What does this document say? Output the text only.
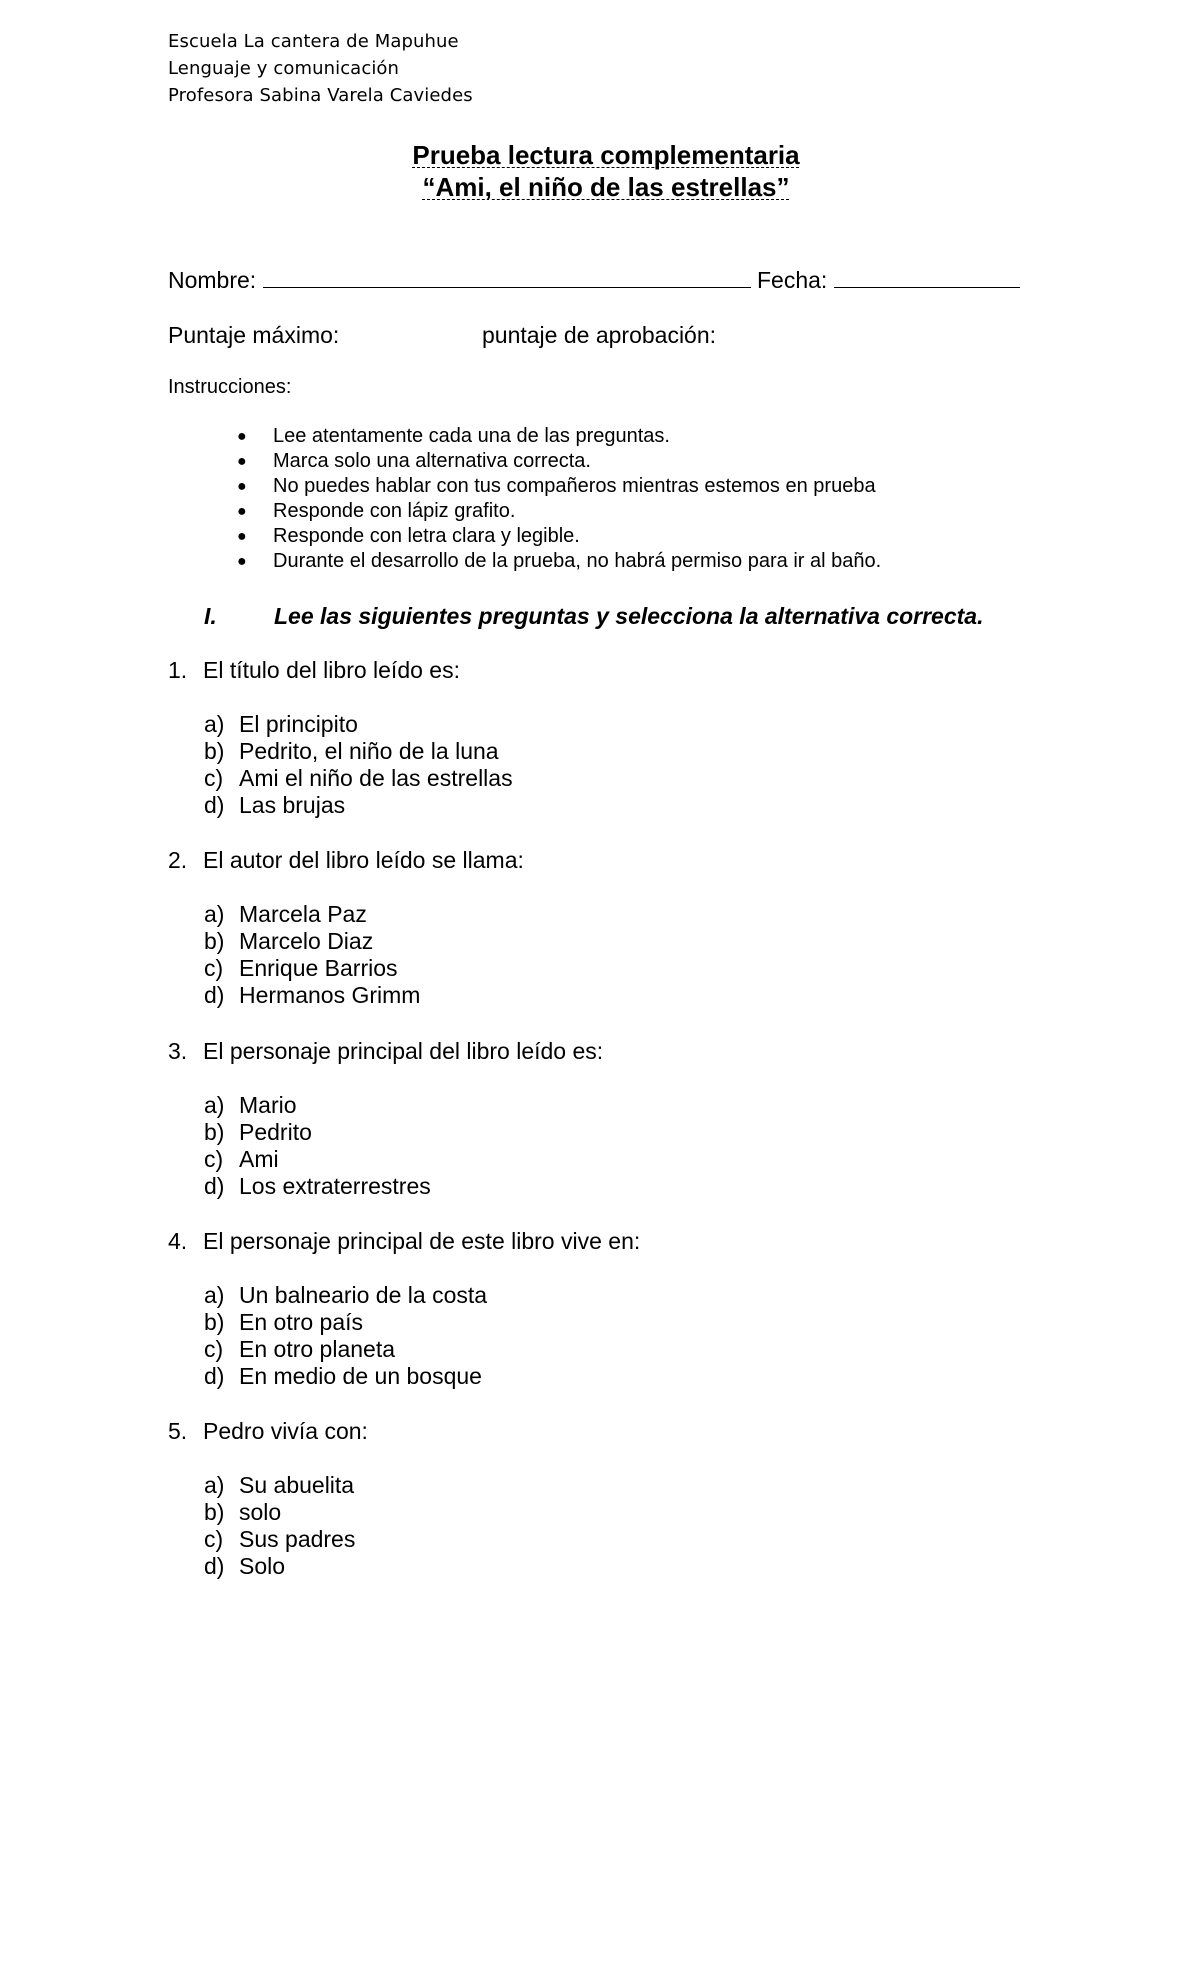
Escuela La cantera de Mapuhue
Lenguaje y comunicación
Profesora Sabina Varela Caviedes
Prueba lectura complementaria
“Ami, el niño de las estrellas”
Nombre:	Fecha:
Puntaje máximo:	puntaje de aprobación:
Instrucciones:
● Lee atentamente cada una de las preguntas.
● Marca solo una alternativa correcta.
● No puedes hablar con tus compañeros mientras estemos en prueba
● Responde con lápiz grafito.
● Responde con letra clara y legible.
● Durante el desarrollo de la prueba, no habrá permiso para ir al baño.
I. Lee las siguientes preguntas y selecciona la alternativa correcta.
1. El título del libro leído es:
a) El principito
b) Pedrito, el niño de la luna
c) Ami el niño de las estrellas
d) Las brujas
2. El autor del libro leído se llama:
a) Marcela Paz
b) Marcelo Diaz
c) Enrique Barrios
d) Hermanos Grimm
3. El personaje principal del libro leído es:
a) Mario
b) Pedrito
c) Ami
d) Los extraterrestres
4. El personaje principal de este libro vive en:
a) Un balneario de la costa
b) En otro país
c) En otro planeta
d) En medio de un bosque
5. Pedro vivía con:
a) Su abuelita
b) solo
c) Sus padres
d) Solo
